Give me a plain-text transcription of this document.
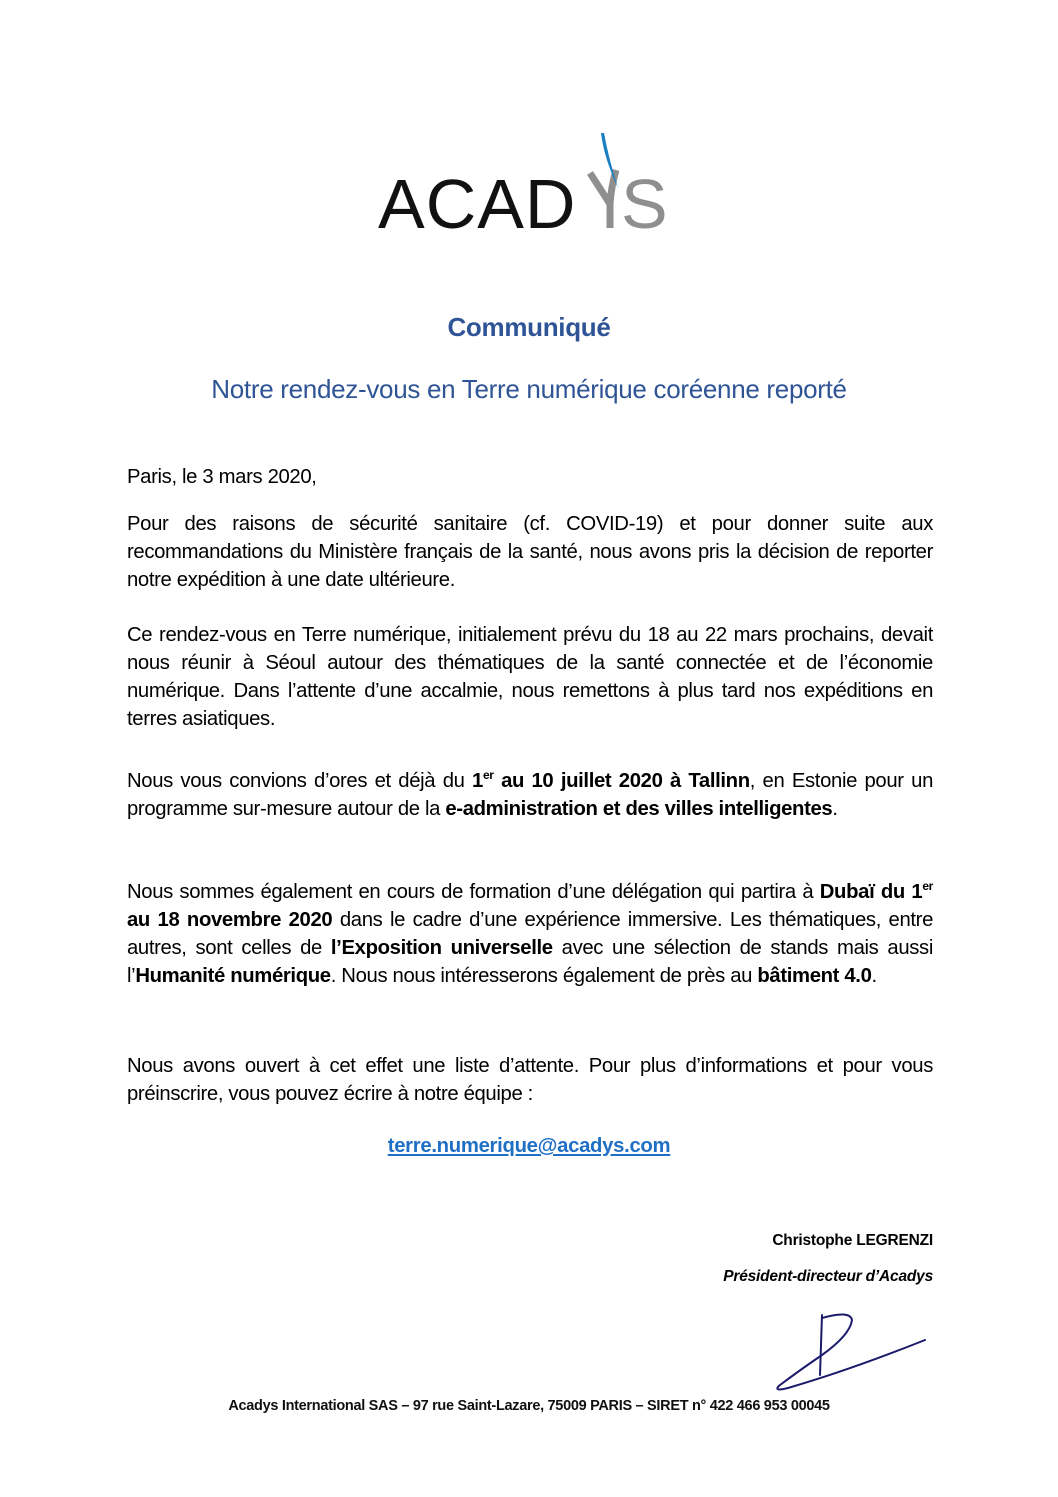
ACAD S
Communiqué
Notre rendez-vous en Terre numérique coréenne reporté

Paris, le 3 mars 2020,

Pour des raisons de sécurité sanitaire (cf. COVID-19) et pour donner suite aux recommandations du Ministère français de la santé, nous avons pris la décision de reporter notre expédition à une date ultérieure.

Ce rendez-vous en Terre numérique, initialement prévu du 18 au 22 mars prochains, devait nous réunir à Séoul autour des thématiques de la santé connectée et de l’économie numérique. Dans l’attente d’une accalmie, nous remettons à plus tard nos expéditions en terres asiatiques.

Nous vous convions d’ores et déjà du 1er au 10 juillet 2020 à Tallinn, en Estonie pour un programme sur-mesure autour de la e-administration et des villes intelligentes.

Nous sommes également en cours de formation d’une délégation qui partira à Dubaï du 1er au 18 novembre 2020 dans le cadre d’une expérience immersive. Les thématiques, entre autres, sont celles de l’Exposition universelle avec une sélection de stands mais aussi l’Humanité numérique. Nous nous intéresserons également de près au bâtiment 4.0.

Nous avons ouvert à cet effet une liste d’attente. Pour plus d’informations et pour vous préinscrire, vous pouvez écrire à notre équipe :

terre.numerique@acadys.com
Christophe LEGRENZI
Président-directeur d’Acadys
Acadys International SAS – 97 rue Saint-Lazare, 75009 PARIS – SIRET n° 422 466 953 00045
